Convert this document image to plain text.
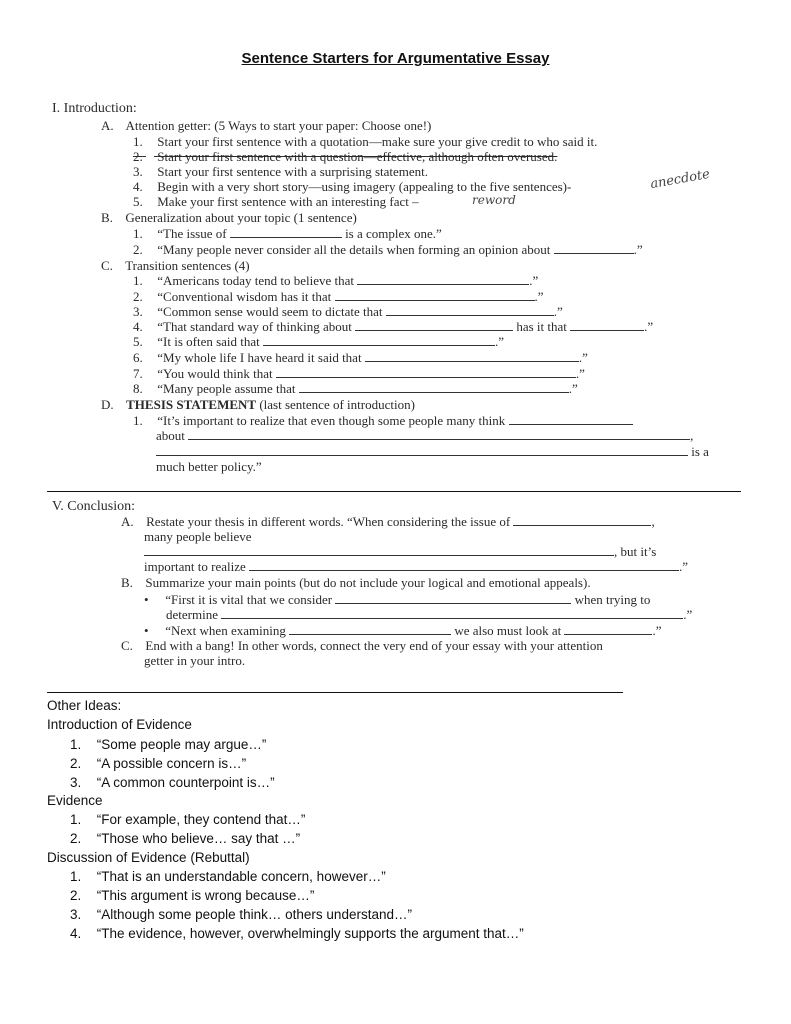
Sentence Starters for Argumentative Essay
I. Introduction:
A. Attention getter: (5 Ways to start your paper: Choose one!)
1. Start your first sentence with a quotation—make sure your give credit to who said it.
2. Start your first sentence with a question—effective, although often overused.
3. Start your first sentence with a surprising statement.
4. Begin with a very short story—using imagery (appealing to the five sentences)-	anecdote
5. Make your first sentence with an interesting fact –	reword
B. Generalization about your topic (1 sentence)
1. “The issue of	is a complex one.”
2. “Many people never consider all the details when forming an opinion about	.”
C. Transition sentences (4)
1. “Americans today tend to believe that	.”
2. “Conventional wisdom has it that	.”
3. “Common sense would seem to dictate that	.”
4. “That standard way of thinking about	has it that	.”
5. “It is often said that	.”
6. “My whole life I have heard it said that	.”
7. “You would think that	.”
8. “Many people assume that	.”
D. THESIS STATEMENT (last sentence of introduction)
1. “It’s important to realize that even though some people many think
about	,
is a
much better policy.”
V. Conclusion:
A. Restate your thesis in different words. “When considering the issue of	,
many people believe
, but it’s
important to realize	.”
B. Summarize your main points (but do not include your logical and emotional appeals).
• “First it is vital that we consider	when trying to
determine	.”
• “Next when examining	we also must look at	.”
C. End with a bang! In other words, connect the very end of your essay with your attention
getter in your intro.
Other Ideas:
Introduction of Evidence
1. “Some people may argue…”
2. “A possible concern is…”
3. “A common counterpoint is…”
Evidence
1. “For example, they contend that…”
2. “Those who believe… say that …”
Discussion of Evidence (Rebuttal)
1. “That is an understandable concern, however…”
2. “This argument is wrong because…”
3. “Although some people think… others understand…”
4. “The evidence, however, overwhelmingly supports the argument that…”
